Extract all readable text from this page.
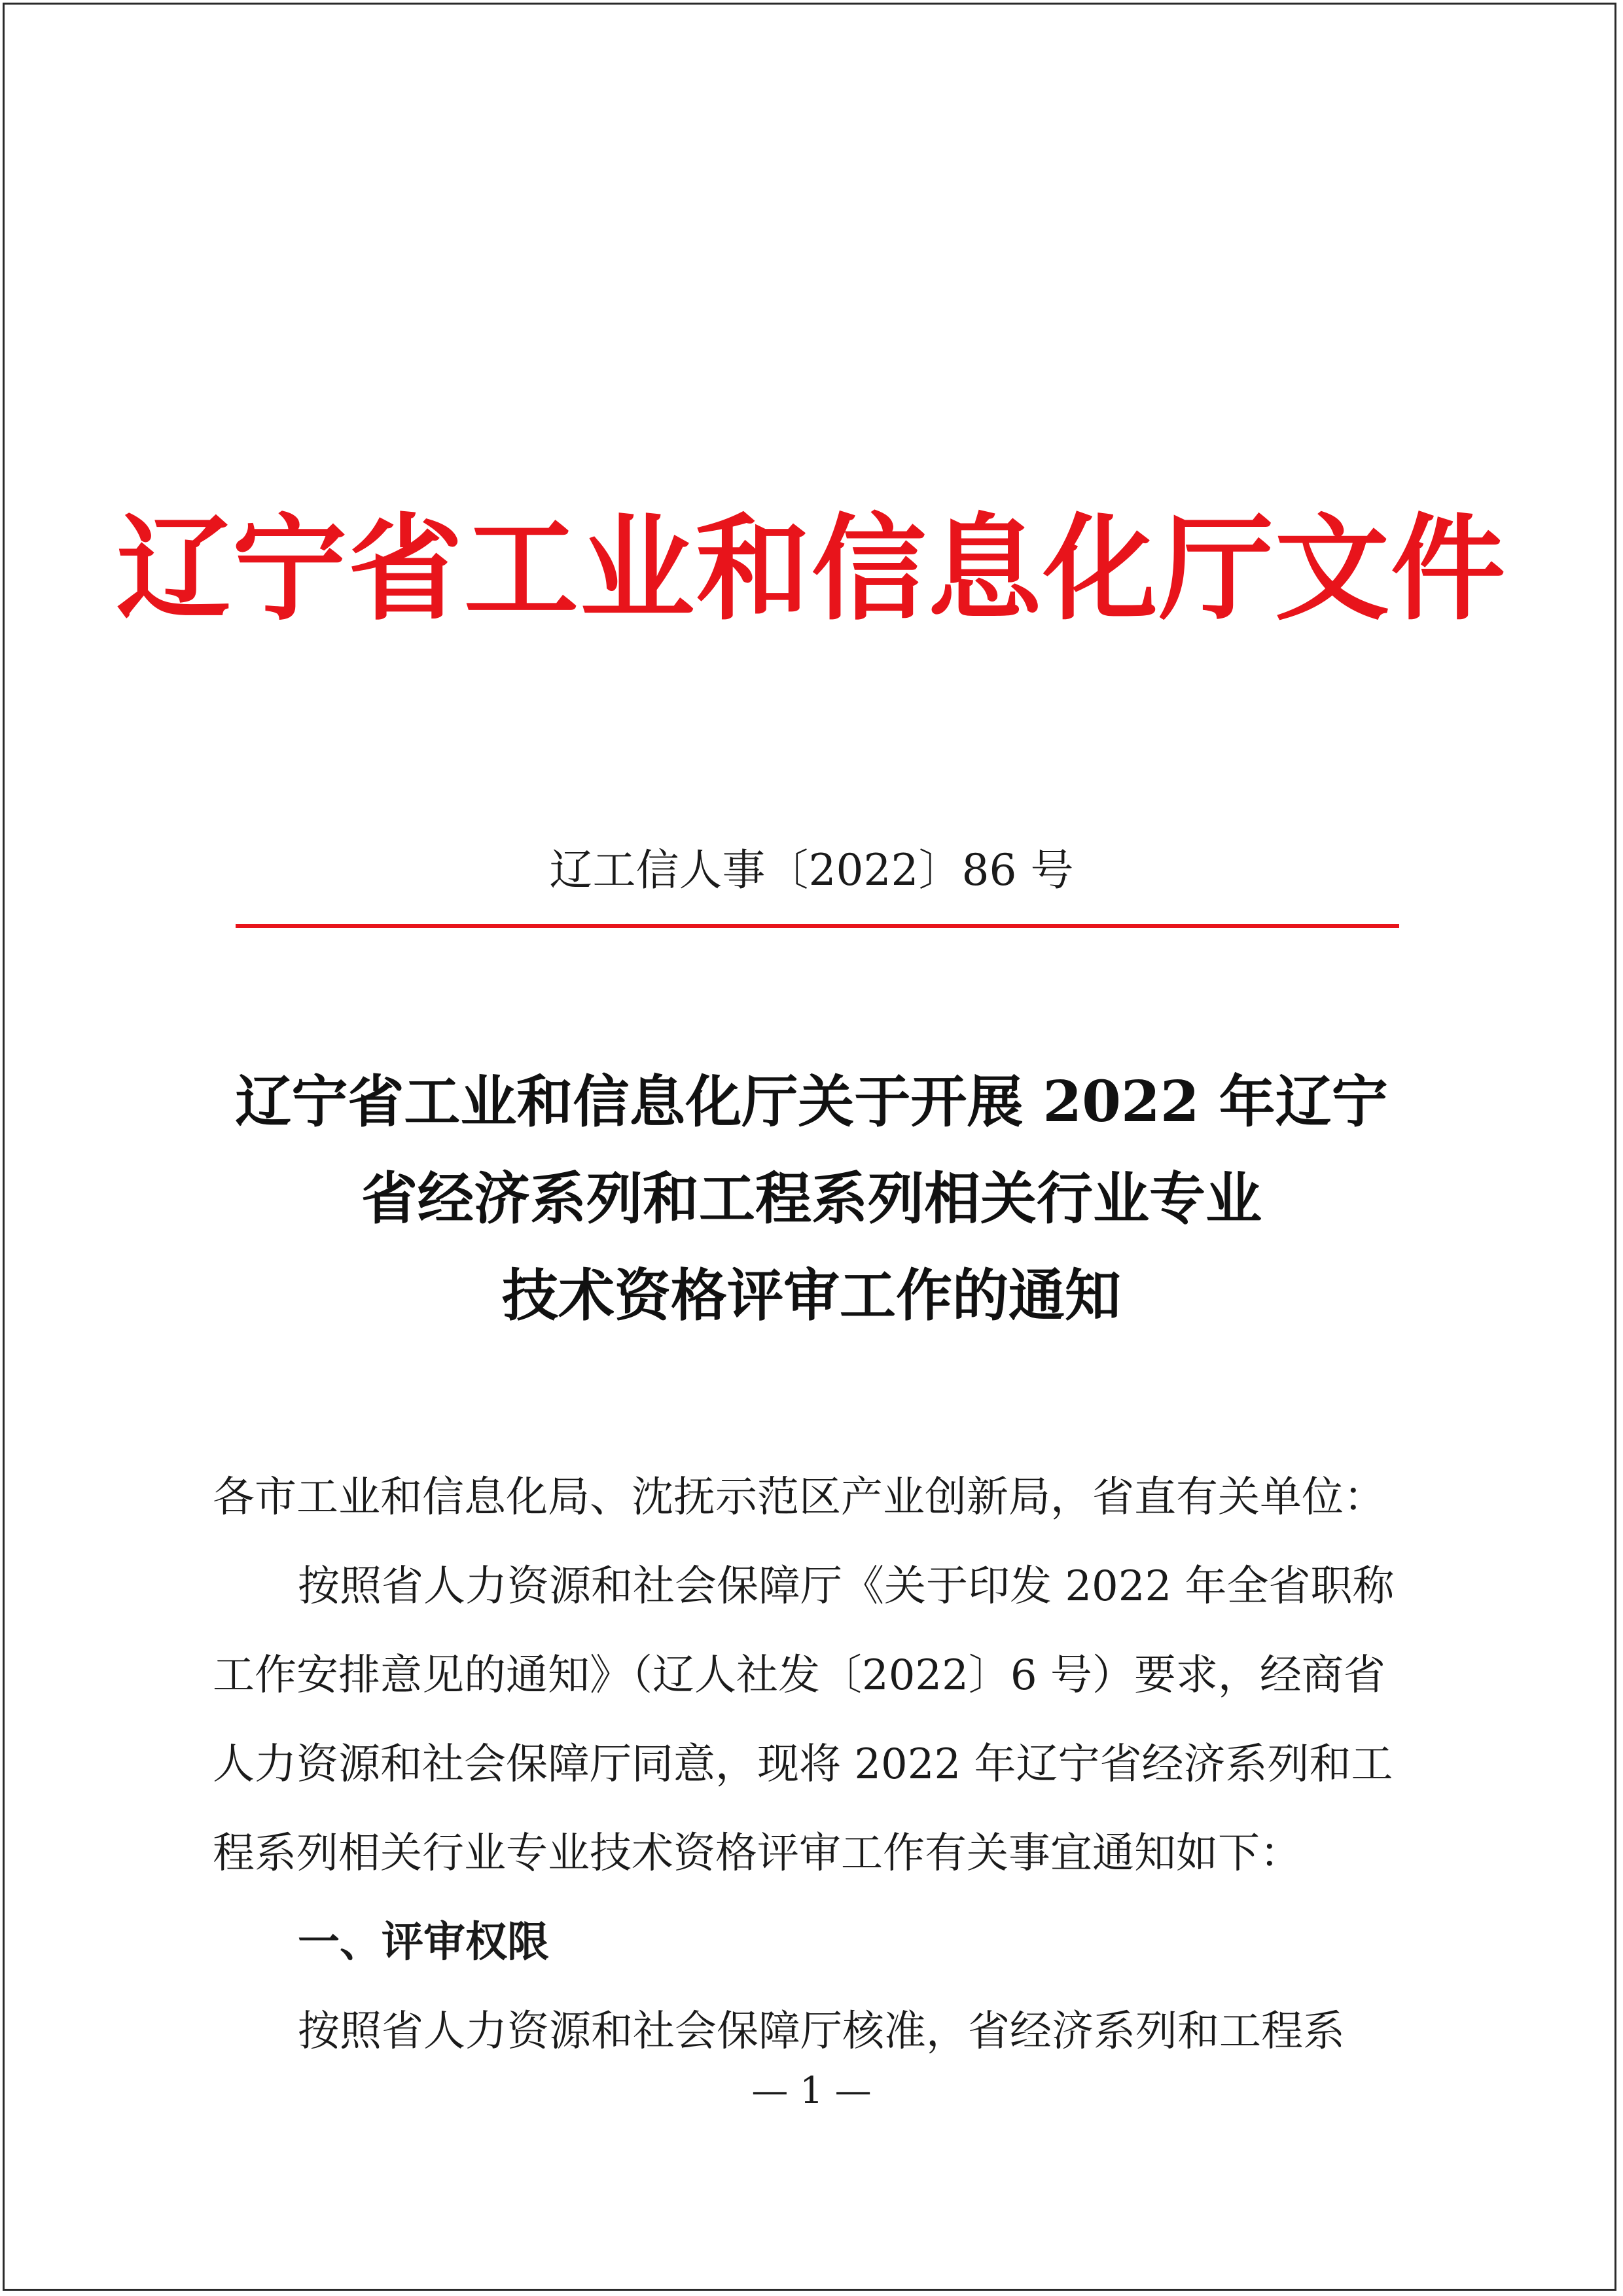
辽宁省工业和信息化厅文件
辽工信人事〔2022〕86 号
辽宁省工业和信息化厅关于开展 2022 年辽宁
省经济系列和工程系列相关行业专业
技术资格评审工作的通知
各市工业和信息化局、沈抚示范区产业创新局，省直有关单位：
按照省人力资源和社会保障厅《关于印发 2022 年全省职称
工作安排意见的通知》（辽人社发〔2022〕6 号）要求，经商省
人力资源和社会保障厅同意，现将 2022 年辽宁省经济系列和工
程系列相关行业专业技术资格评审工作有关事宜通知如下：
一、评审权限
按照省人力资源和社会保障厅核准，省经济系列和工程系
— 1 —
